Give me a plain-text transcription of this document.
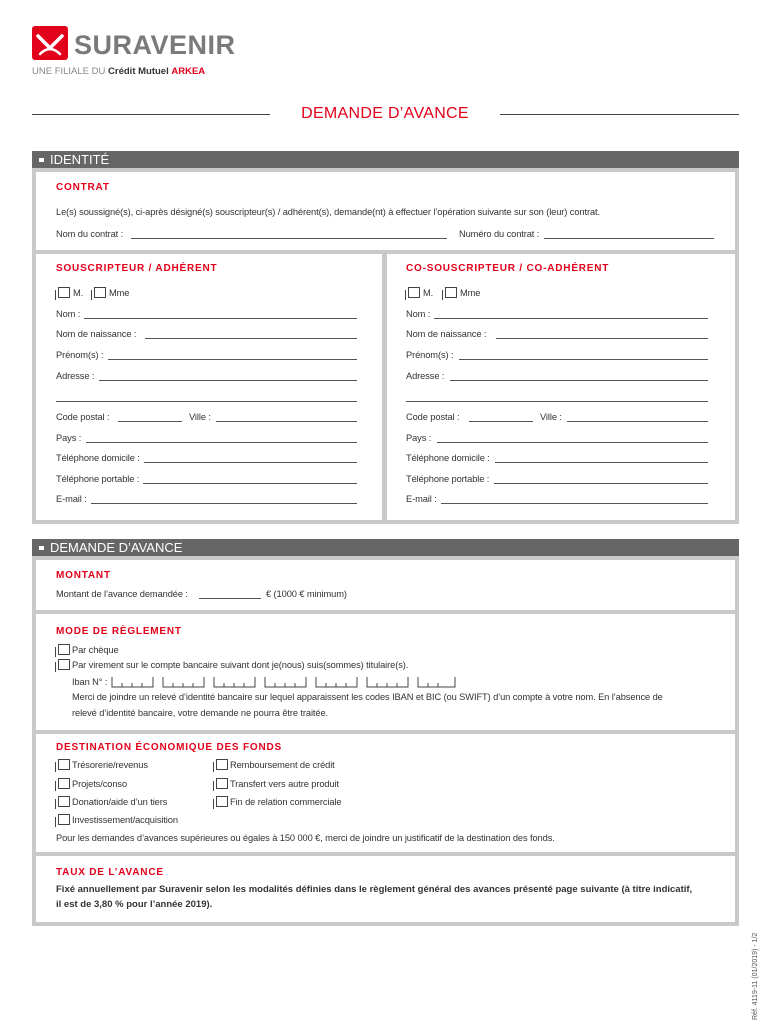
SURAVENIR
UNE FILIALE DU Crédit Mutuel ARKEA
DEMANDE D’AVANCE
IDENTITÉ
CONTRAT
Le(s) soussigné(s), ci-après désigné(s) souscripteur(s) / adhérent(s), demande(nt) à effectuer l’opération suivante sur son (leur) contrat.
Nom du contrat :	Numéro du contrat :
SOUSCRIPTEUR / ADHÉRENT
M.	Mme
Nom :
Nom de naissance :
Prénom(s) :
Adresse :
Code postal :	Ville :
Pays :
Téléphone domicile :
Téléphone portable :
E-mail :
CO-SOUSCRIPTEUR / CO-ADHÉRENT
M.	Mme
Nom :
Nom de naissance :
Prénom(s) :
Adresse :
Code postal :	Ville :
Pays :
Téléphone domicile :
Téléphone portable :
E-mail :
DEMANDE D’AVANCE
MONTANT
Montant de l’avance demandée :	€ (1000 € minimum)
MODE DE RÈGLEMENT
Par chèque
Par virement sur le compte bancaire suivant dont je(nous) suis(sommes) titulaire(s).
Iban N° :
Merci de joindre un relevé d’identité bancaire sur lequel apparaissent les codes IBAN et BIC (ou SWIFT) d’un compte à votre nom. En l’absence de
relevé d’identité bancaire, votre demande ne pourra être traitée.
DESTINATION ÉCONOMIQUE DES FONDS
Trésorerie/revenus	Remboursement de crédit
Projets/conso	Transfert vers autre produit
Donation/aide d’un tiers	Fin de relation commerciale
Investissement/acquisition
Pour les demandes d’avances supérieures ou égales à 150 000 €, merci de joindre un justificatif de la destination des fonds.
TAUX DE L’AVANCE
Fixé annuellement par Suravenir selon les modalités définies dans le règlement général des avances présenté page suivante (à titre indicatif,
il est de 3,80 % pour l’année 2019).
Réf. 4119-11 (01/2019) - 1/2
